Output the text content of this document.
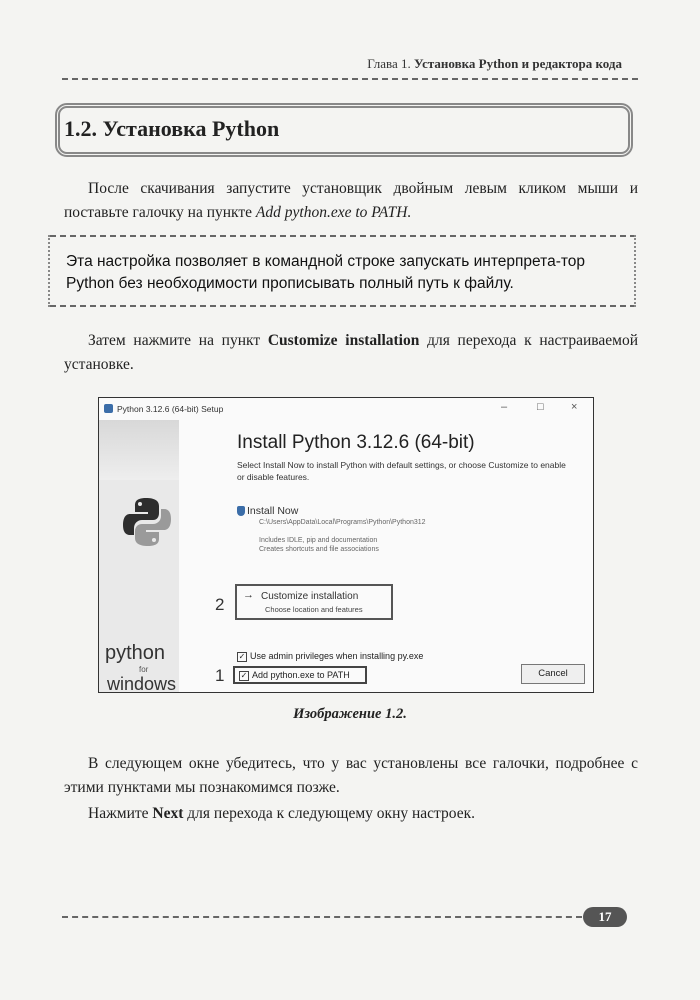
Глава 1. Установка Python и редактора кода
1.2. Установка Python

После скачивания запустите установщик двойным левым кликом мыши и поставьте галочку на пункте Add python.exe to PATH.

Эта настройка позволяет в командной строке запускать интерпрета-тор Python без необходимости прописывать полный путь к файлу.

Затем нажмите на пункт Customize installation для перехода к настраиваемой установке.

Python 3.12.6 (64-bit) Setup	–	□ ×
python
for
windows
Install Python 3.12.6 (64-bit)
Select Install Now to install Python with default settings, or choose Customize to enable or disable features.
Install Now
C:\Users\AppData\Local\Programs\Python\Python312
Includes IDLE, pip and documentation
Creates shortcuts and file associations
2 → Customize installation
Choose location and features
✓ Use admin privileges when installing py.exe
1 ✓ Add python.exe to PATH	Cancel
Изображение 1.2.

В следующем окне убедитесь, что у вас установлены все галочки, подробнее с этими пунктами мы познакомимся позже.

Нажмите Next для перехода к следующему окну настроек.

17
